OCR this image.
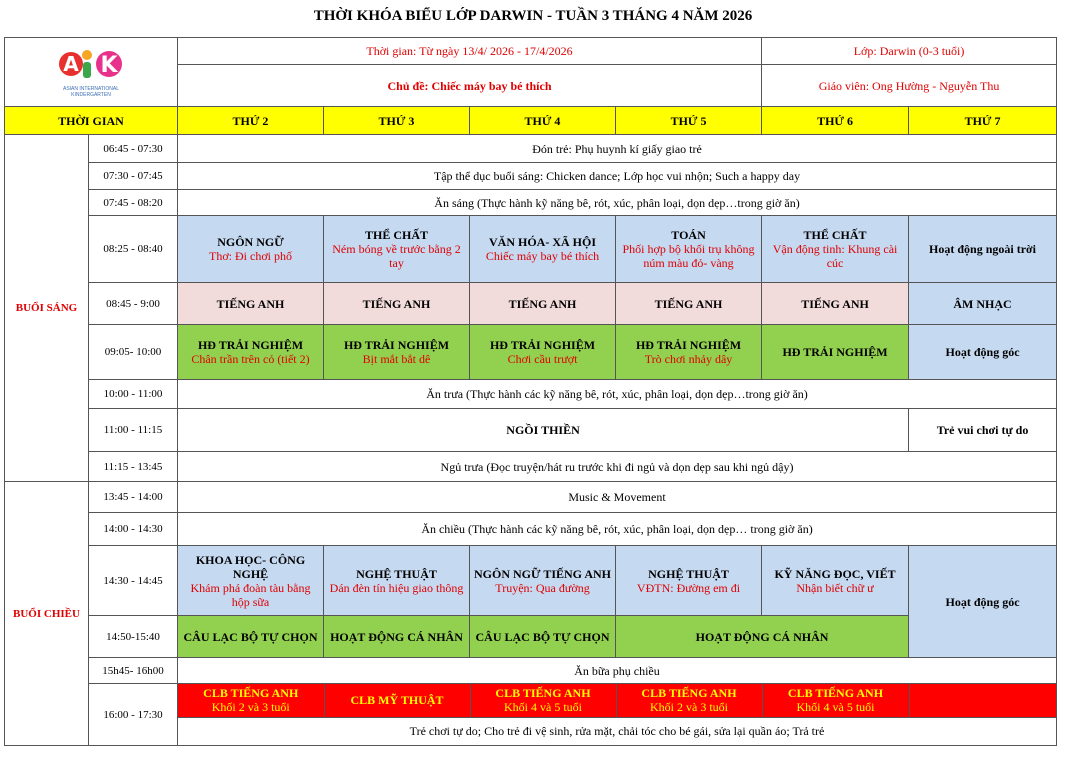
THỜI KHÓA BIỂU LỚP DARWIN - TUẦN 3 THÁNG 4 NĂM 2026
A K
ASIAN INTERNATIONAL
KINDERGARTEN
	Thời gian: Từ ngày 13/4/ 2026 - 17/4/2026	Lớp: Darwin (0-3 tuổi)
Chủ đề: Chiếc máy bay bé thích	Giáo viên: Ong Hường - Nguyễn Thu
THỜI GIAN	THỨ 2	THỨ 3	THỨ 4	THỨ 5	THỨ 6	THỨ 7
BUỔI SÁNG	06:45 - 07:30	Đón trẻ: Phụ huynh kí giấy giao trẻ
07:30 - 07:45	Tập thể dục buổi sáng: Chicken dance; Lớp học vui nhộn; Such a happy day
07:45 - 08:20	Ăn sáng (Thực hành kỹ năng bê, rót, xúc, phân loại, dọn dẹp…trong giờ ăn)
08:25 - 08:40	NGÔN NGỮ
Thơ: Đi chơi phố
	THỂ CHẤT
Ném bóng về trước bằng 2 tay
	VĂN HÓA- XÃ HỘI
Chiếc máy bay bé thích
	TOÁN
Phối hợp bộ khối trụ không núm màu đỏ- vàng
	THỂ CHẤT
Vận động tinh: Khung cài cúc
	Hoạt động ngoài trời
08:45 - 9:00	TIẾNG ANH	TIẾNG ANH	TIẾNG ANH	TIẾNG ANH	TIẾNG ANH	ÂM NHẠC
09:05- 10:00	HĐ TRẢI NGHIỆM
Chân trần trên cỏ (tiết 2)
	HĐ TRẢI NGHIỆM
Bịt mắt bắt dê
	HĐ TRẢI NGHIỆM
Chơi cầu trượt
	HĐ TRẢI NGHIỆM
Trò chơi nhảy dây	HĐ TRẢI NGHIỆM	Hoạt động góc
10:00 - 11:00	Ăn trưa (Thực hành các kỹ năng bê, rót, xúc, phân loại, dọn dẹp…trong giờ ăn)
11:00 - 11:15	NGỒI THIỀN	Trẻ vui chơi tự do
11:15 - 13:45	Ngủ trưa (Đọc truyện/hát ru trước khi đi ngủ và dọn dẹp sau khi ngủ dậy)
BUỔI CHIỀU	13:45 - 14:00	Music & Movement
14:00 - 14:30	Ăn chiều (Thực hành các kỹ năng bê, rót, xúc, phân loại, dọn dẹp… trong giờ ăn)
14:30 - 14:45	KHOA HỌC- CÔNG NGHỆ
Khám phá đoàn tàu bằng hộp sữa
	NGHỆ THUẬT
Dán đèn tín hiệu giao thông
	NGÔN NGỮ TIẾNG ANH
Truyện: Qua đường
	NGHỆ THUẬT
VĐTN: Đường em đi
	KỸ NĂNG ĐỌC, VIẾT
Nhận biết chữ ư
	Hoạt động góc
14:50-15:40	CÂU LẠC BỘ TỰ CHỌN	HOẠT ĐỘNG CÁ NHÂN	CÂU LẠC BỘ TỰ CHỌN	HOẠT ĐỘNG CÁ NHÂN
15h45- 16h00	Ăn bữa phụ chiều
16:00 - 17:30	
CLB TIẾNG ANH
Khối 2 và 3 tuổi	CLB MỸ THUẬT	CLB TIẾNG ANH
Khối 4 và 5 tuổi
	CLB TIẾNG ANH
Khối 2 và 3 tuổi
	CLB TIẾNG ANH
Khối 4 và 5 tuổi

Trẻ chơi tự do; Cho trẻ đi vệ sinh, rửa mặt, chải tóc cho bé gái, sửa lại quần áo; Trả trẻ
